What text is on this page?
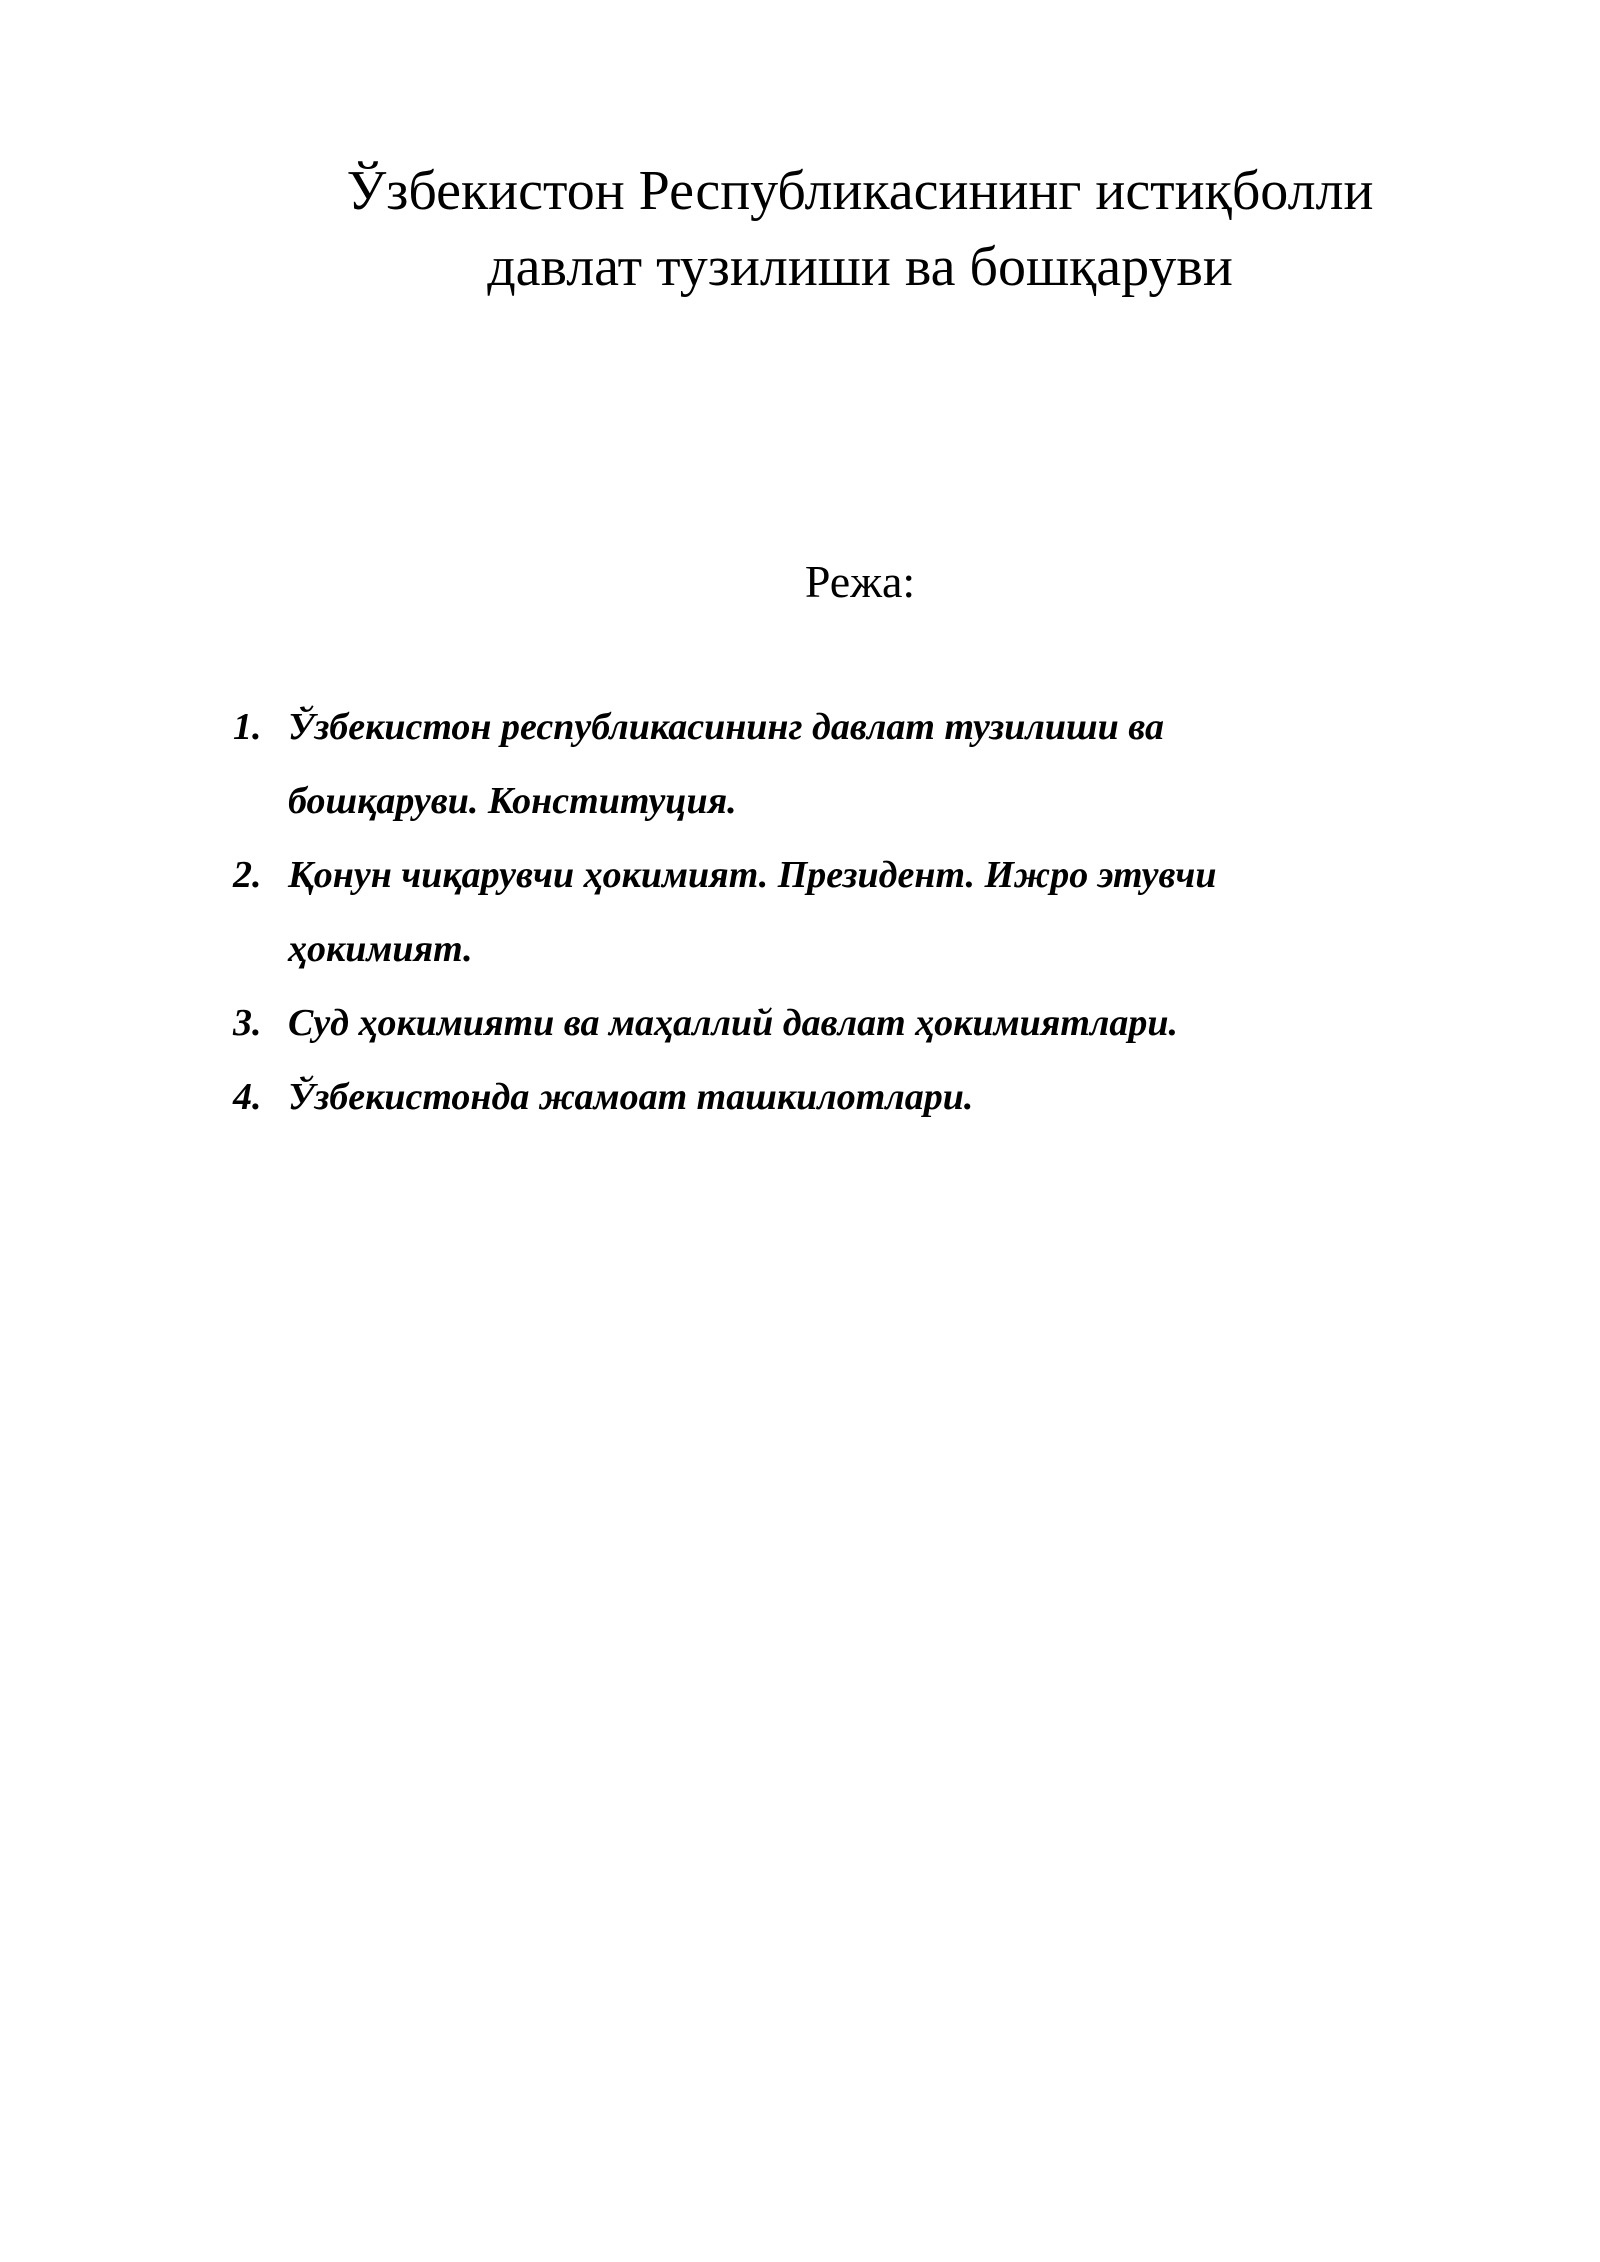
Ўзбекистон Республикасининг истиқболли
давлат тузилиши ва бошқаруви
Режа:
1. Ўзбекистон республикасининг давлат тузилиши ва
бошқаруви. Конституция.
2. Қонун чиқарувчи ҳокимият. Президент. Ижро этувчи
ҳокимият.
3. Суд ҳокимияти ва маҳаллий давлат ҳокимиятлари.
4. Ўзбекистонда жамоат ташкилотлари.
